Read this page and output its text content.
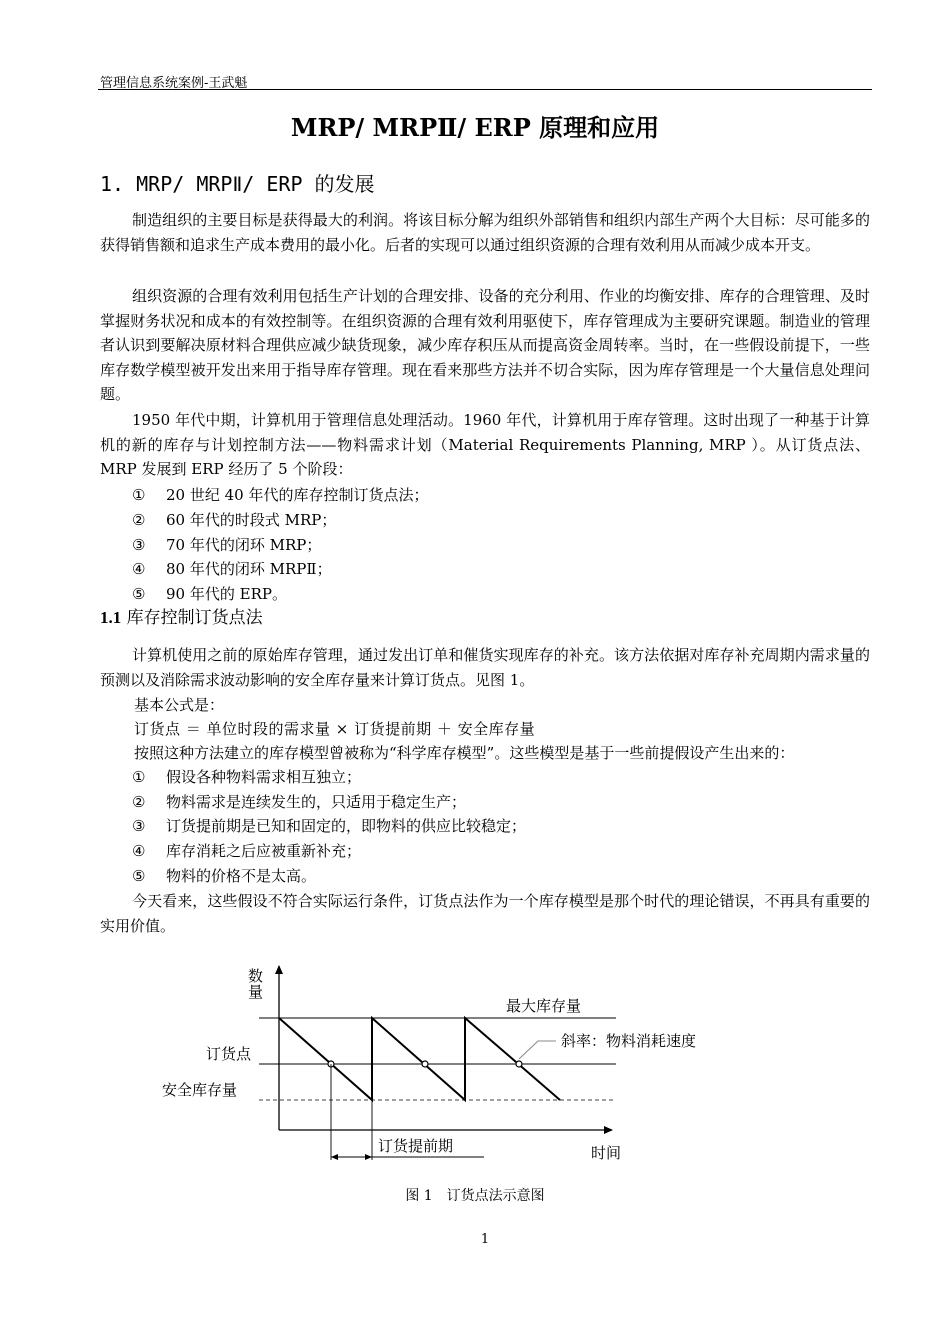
管理信息系统案例-王武魁
MRP/ MRPⅡ/ ERP 原理和应用
1. MRP/ MRPⅡ/ ERP 的发展
制造组织的主要目标是获得最大的利润。将该目标分解为组织外部销售和组织内部生产两个大目标：尽可能多的获得销售额和追求生产成本费用的最小化。后者的实现可以通过组织资源的合理有效利用从而减少成本开支。
组织资源的合理有效利用包括生产计划的合理安排、设备的充分利用、作业的均衡安排、库存的合理管理、及时掌握财务状况和成本的有效控制等。在组织资源的合理有效利用驱使下，库存管理成为主要研究课题。制造业的管理者认识到要解决原材料合理供应减少缺货现象，减少库存积压从而提高资金周转率。当时，在一些假设前提下，一些库存数学模型被开发出来用于指导库存管理。现在看来那些方法并不切合实际，因为库存管理是一个大量信息处理问题。
1950 年代中期，计算机用于管理信息处理活动。1960 年代，计算机用于库存管理。这时出现了一种基于计算机的新的库存与计划控制方法——物料需求计划（Material Requirements Planning, MRP ）。从订货点法、MRP 发展到 ERP 经历了 5 个阶段：
① 20 世纪 40 年代的库存控制订货点法；
② 60 年代的时段式 MRP；
③ 70 年代的闭环 MRP；
④ 80 年代的闭环 MRPⅡ；
⑤ 90 年代的 ERP。
1.1 库存控制订货点法
计算机使用之前的原始库存管理，通过发出订单和催货实现库存的补充。该方法依据对库存补充周期内需求量的预测以及消除需求波动影响的安全库存量来计算订货点。见图 1。
基本公式是：
订货点 ＝ 单位时段的需求量 × 订货提前期 ＋ 安全库存量
按照这种方法建立的库存模型曾被称为“科学库存模型”。这些模型是基于一些前提假设产生出来的：
① 假设各种物料需求相互独立；
② 物料需求是连续发生的，只适用于稳定生产；
③ 订货提前期是已知和固定的，即物料的供应比较稳定；
④ 库存消耗之后应被重新补充；
⑤ 物料的价格不是太高。
今天看来，这些假设不符合实际运行条件，订货点法作为一个库存模型是那个时代的理论错误，不再具有重要的实用价值。
数
量
最大库存量
斜率：物料消耗速度
订货点
安全库存量
订货提前期	时间
图 1　订货点法示意图
1
